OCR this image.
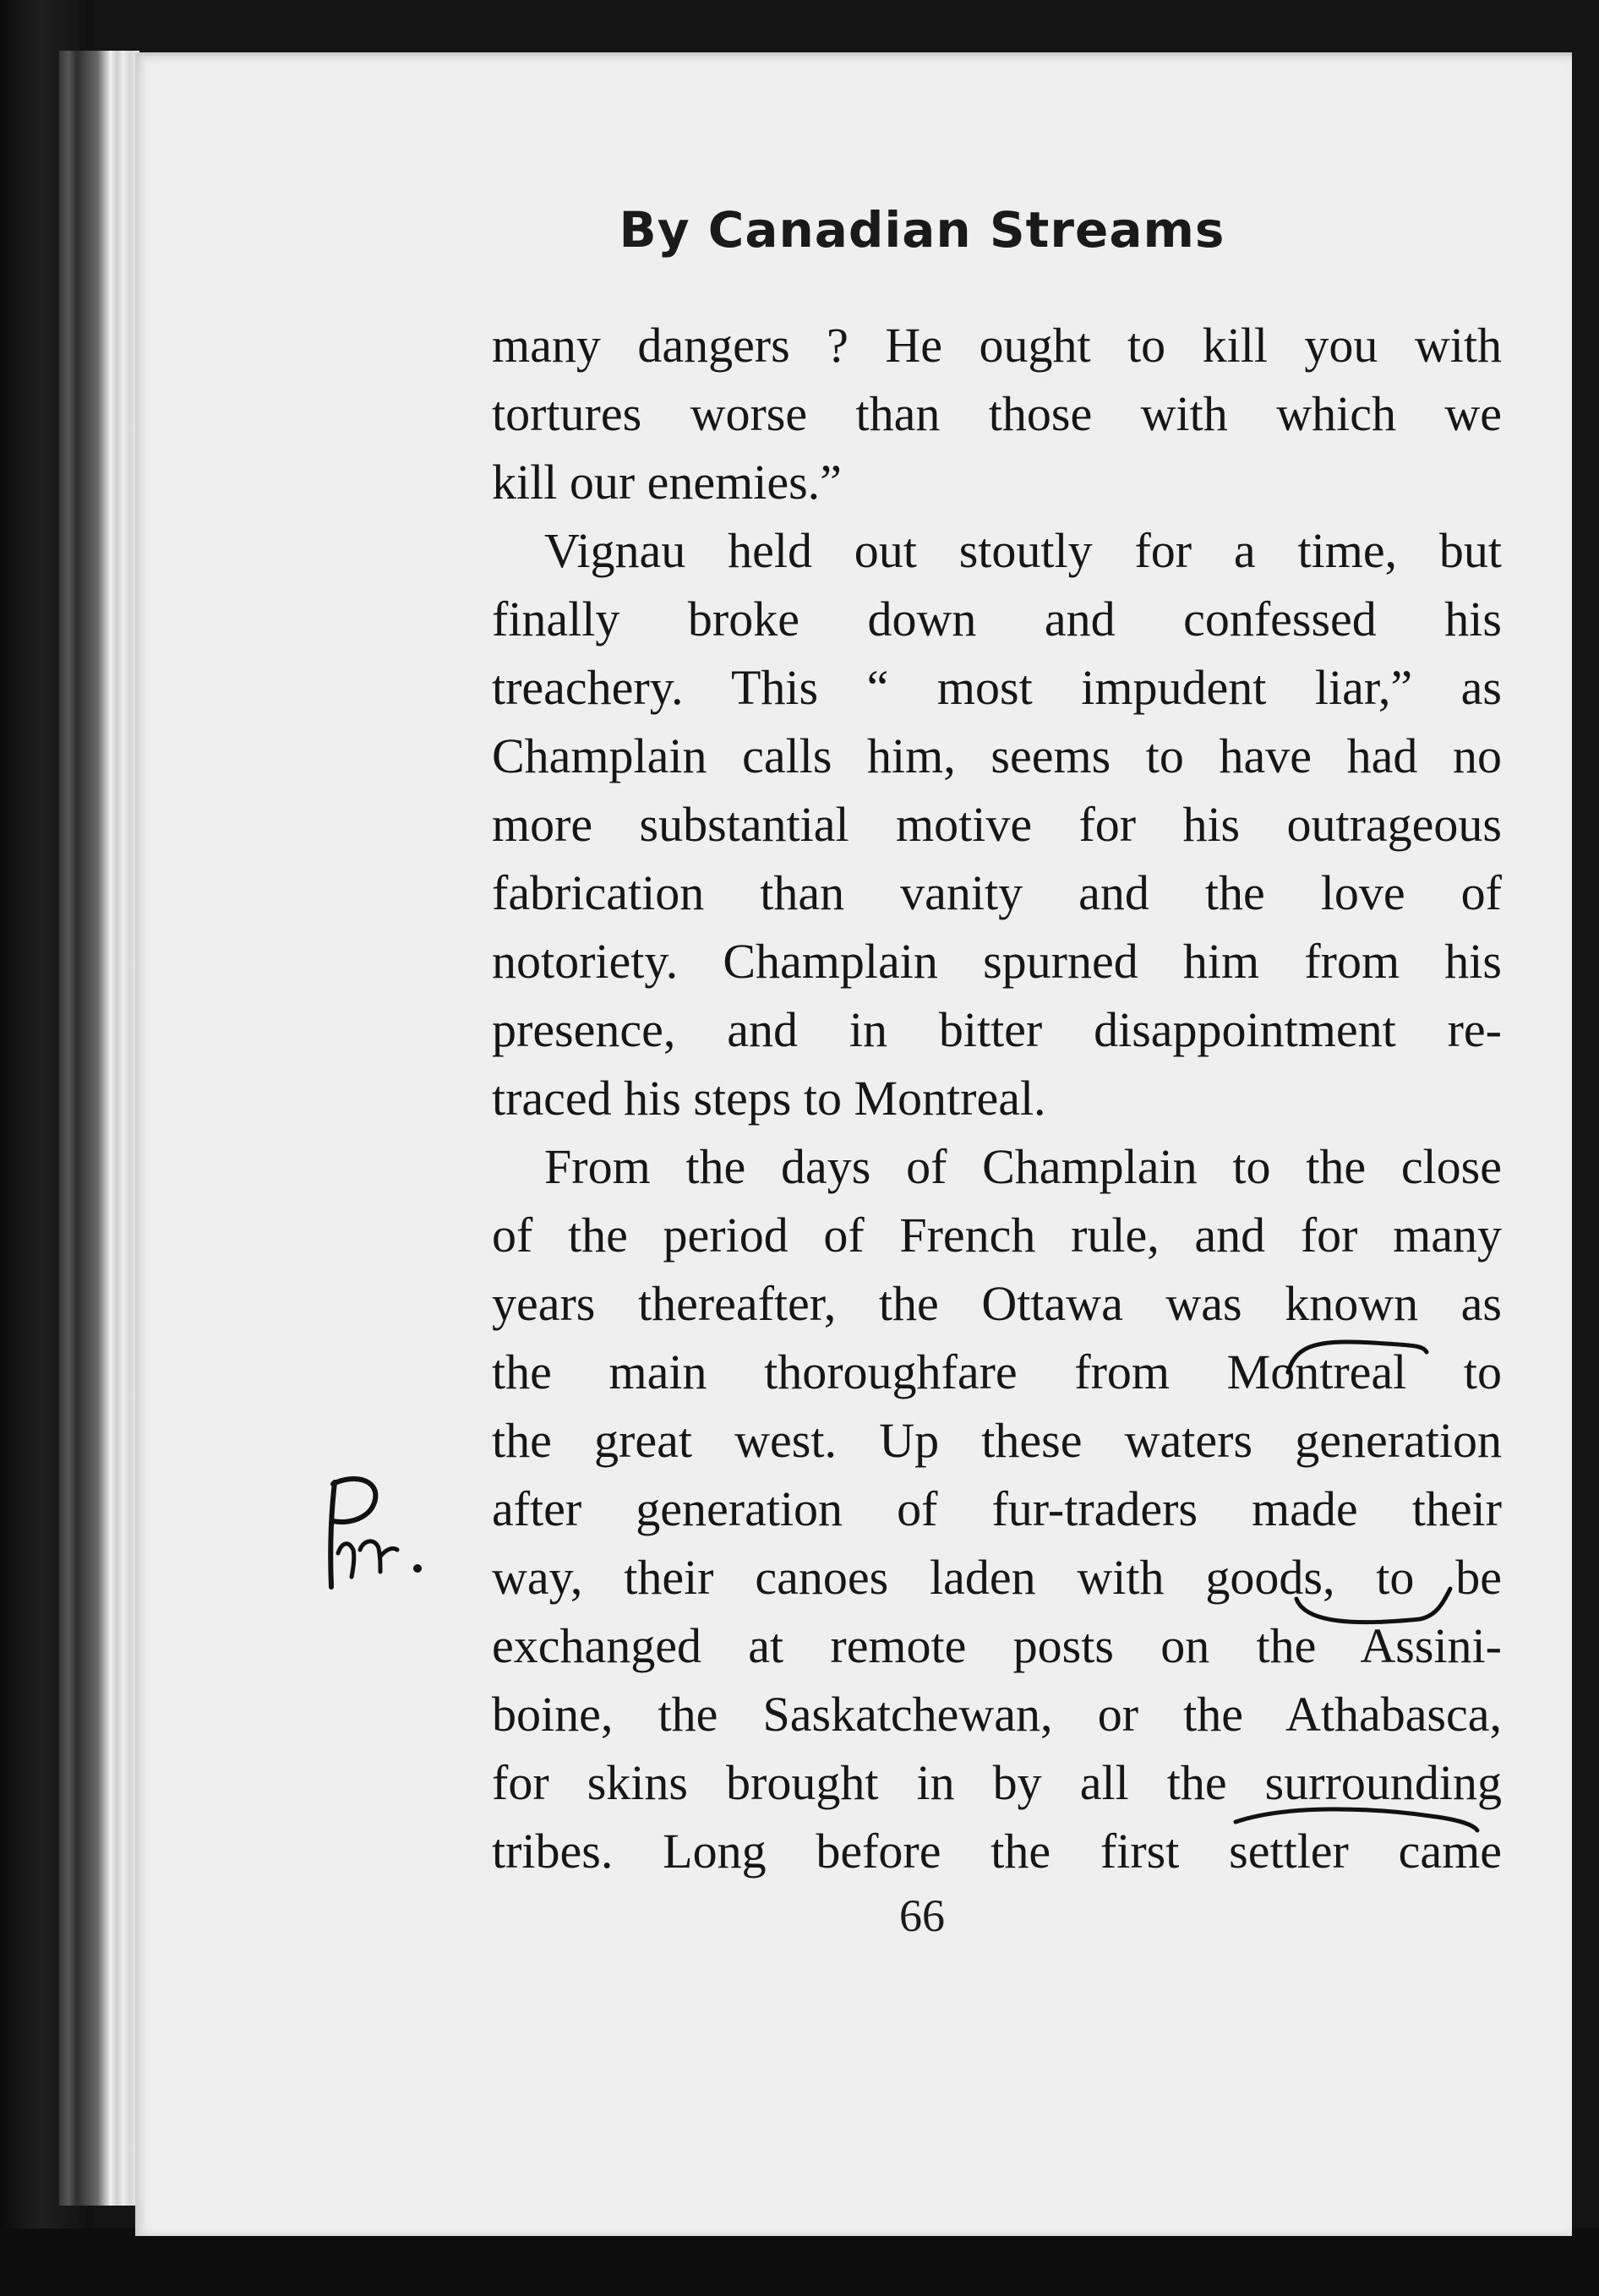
By Canadian Streams
many dangers ? He ought to kill you with
tortures worse than those with which we
kill our enemies.”
Vignau held out stoutly for a time, but
finally broke down and confessed his
treachery. This “ most impudent liar,” as
Champlain calls him, seems to have had no
more substantial motive for his outrageous
fabrication than vanity and the love of
notoriety. Champlain spurned him from his
presence, and in bitter disappointment re-
traced his steps to Montreal.
From the days of Champlain to the close
of the period of French rule, and for many
years thereafter, the Ottawa was known as
the main thoroughfare from Montreal to
the great west. Up these waters generation
after generation of fur-traders made their
way, their canoes laden with goods, to be
exchanged at remote posts on the Assini-
boine, the Saskatchewan, or the Athabasca,
for skins brought in by all the surrounding
tribes. Long before the first settler came
66
